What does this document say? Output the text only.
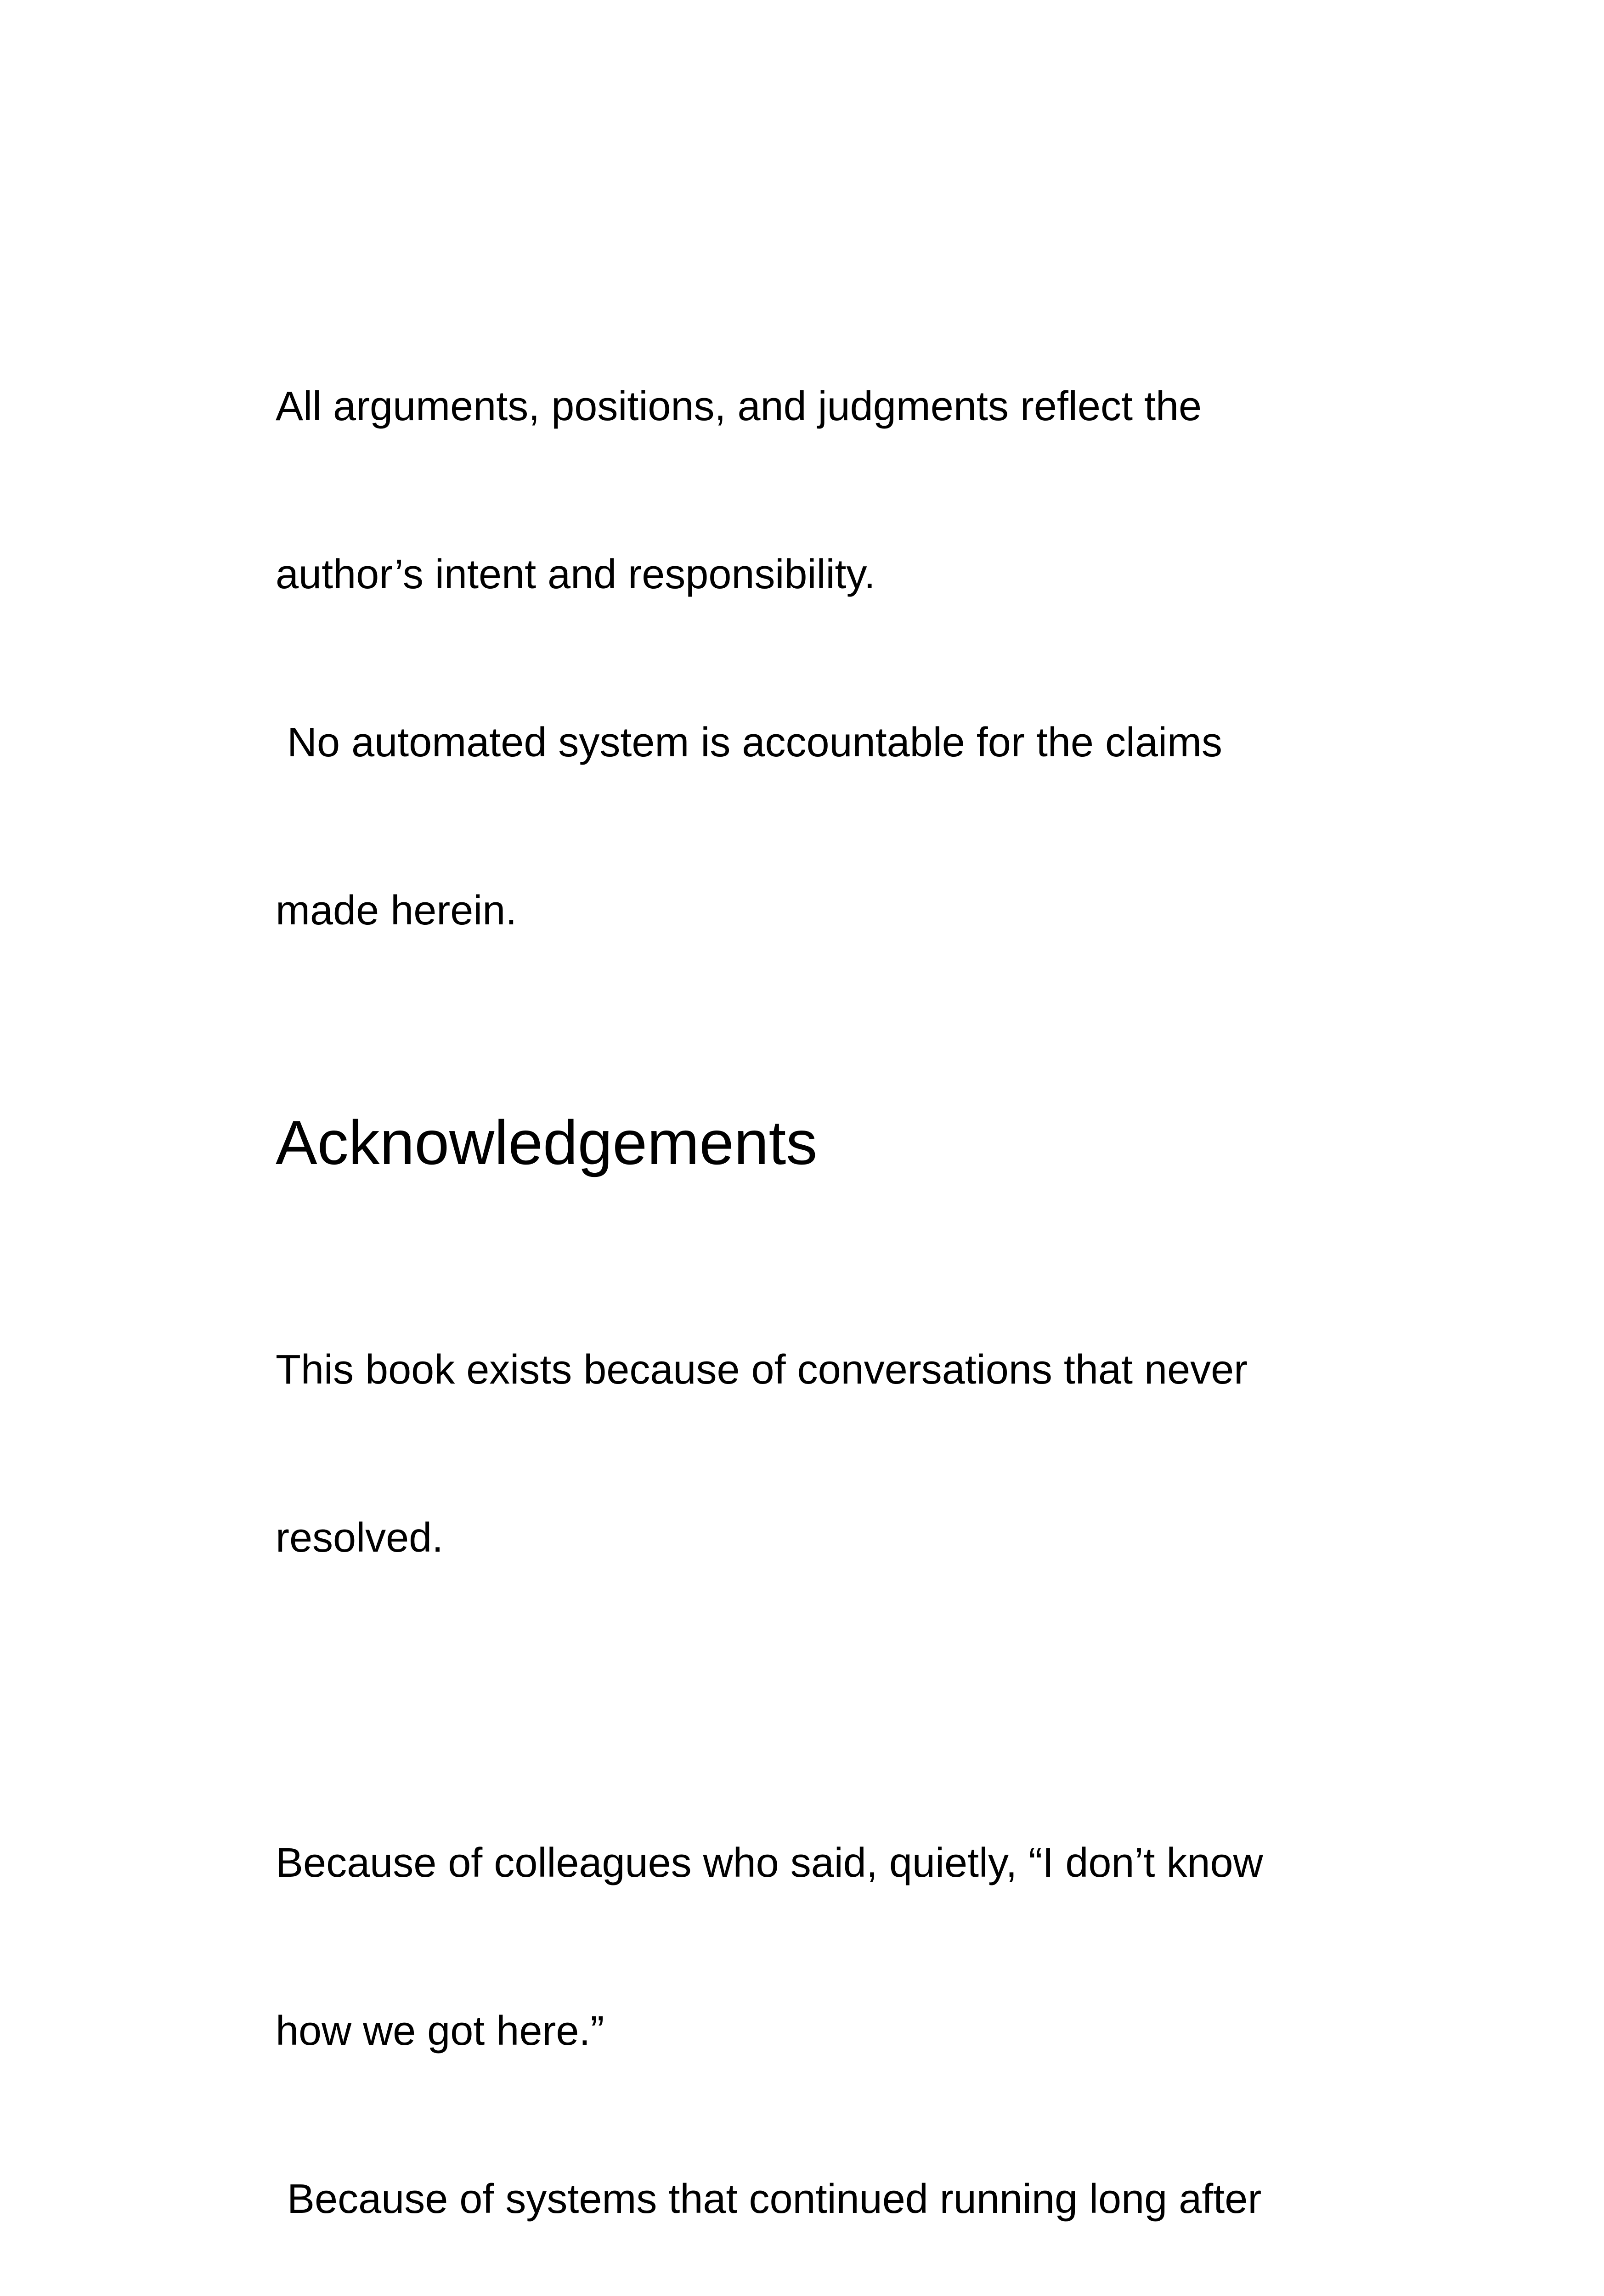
All arguments, positions, and judgments reflect the

author’s intent and responsibility.

No automated system is accountable for the claims

made herein.

Acknowledgements

This book exists because of conversations that never

resolved.

Because of colleagues who said, quietly, “I don’t know

how we got here.”

Because of systems that continued running long after
